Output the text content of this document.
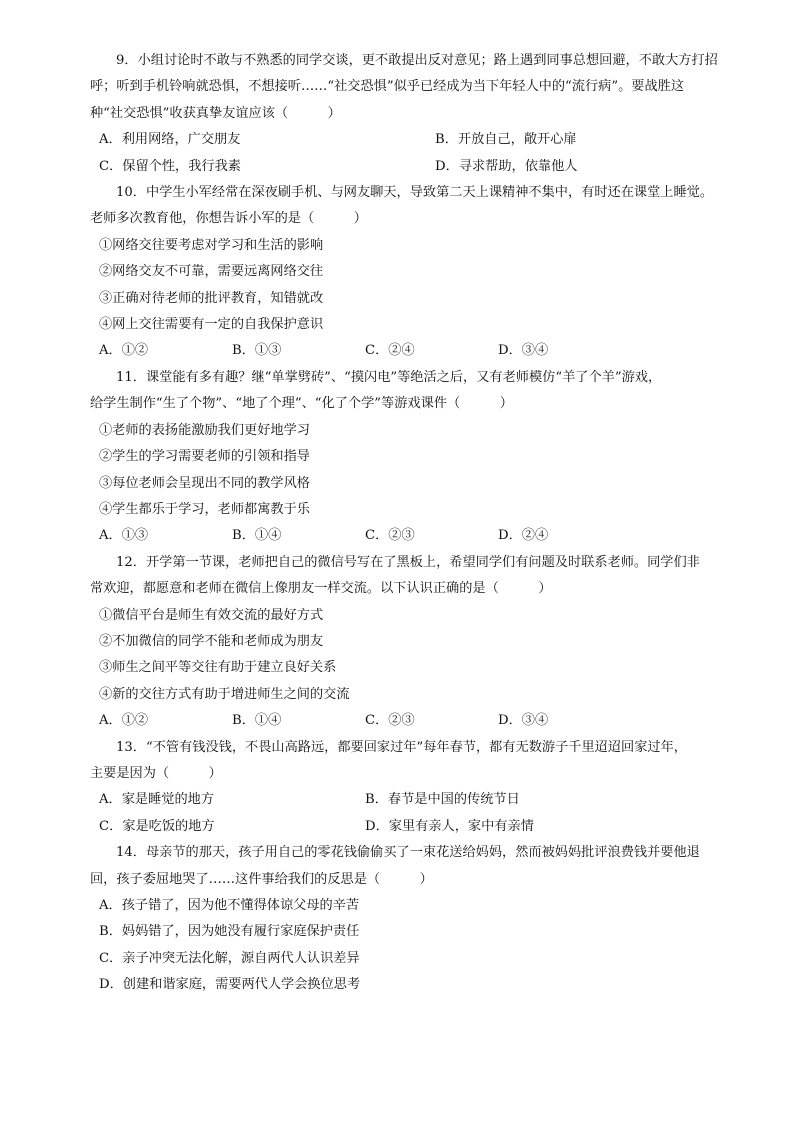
9．小组讨论时不敢与不熟悉的同学交谈，更不敢提出反对意见；路上遇到同事总想回避，不敢大方打招
呼；听到手机铃响就恐惧，不想接听……“社交恐惧”似乎已经成为当下年轻人中的“流行病”。要战胜这
种“社交恐惧”收获真挚友谊应该（　　　）
A．利用网络，广交朋友	B．开放自己，敞开心扉
C．保留个性，我行我素	D．寻求帮助，依靠他人
10．中学生小军经常在深夜刷手机、与网友聊天，导致第二天上课精神不集中，有时还在课堂上睡觉。
老师多次教育他，你想告诉小军的是（　　　）
①网络交往要考虑对学习和生活的影响
②网络交友不可靠，需要远离网络交往
③正确对待老师的批评教育，知错就改
④网上交往需要有一定的自我保护意识
A．①②	B．①③	C．②④	D．③④
11．课堂能有多有趣？继“单掌劈砖”、“摸闪电”等绝活之后，又有老师模仿“羊了个羊”游戏，
给学生制作“生了个物”、“地了个理”、“化了个学”等游戏课件（　　　）
①老师的表扬能激励我们更好地学习
②学生的学习需要老师的引领和指导
③每位老师会呈现出不同的教学风格
④学生都乐于学习，老师都寓教于乐
A．①③	B．①④	C．②③	D．②④
12．开学第一节课，老师把自己的微信号写在了黑板上，希望同学们有问题及时联系老师。同学们非
常欢迎，都愿意和老师在微信上像朋友一样交流。以下认识正确的是（　　　）
①微信平台是师生有效交流的最好方式
②不加微信的同学不能和老师成为朋友
③师生之间平等交往有助于建立良好关系
④新的交往方式有助于增进师生之间的交流
A．①②	B．①④	C．②③	D．③④
13．“不管有钱没钱，不畏山高路远，都要回家过年”每年春节，都有无数游子千里迢迢回家过年，
主要是因为（　　　）
A．家是睡觉的地方	B．春节是中国的传统节日
C．家是吃饭的地方	D．家里有亲人，家中有亲情
14．母亲节的那天，孩子用自己的零花钱偷偷买了一束花送给妈妈，然而被妈妈批评浪费钱并要他退
回，孩子委屈地哭了……这件事给我们的反思是（　　　）
A．孩子错了，因为他不懂得体谅父母的辛苦
B．妈妈错了，因为她没有履行家庭保护责任
C．亲子冲突无法化解，源自两代人认识差异
D．创建和谐家庭，需要两代人学会换位思考
